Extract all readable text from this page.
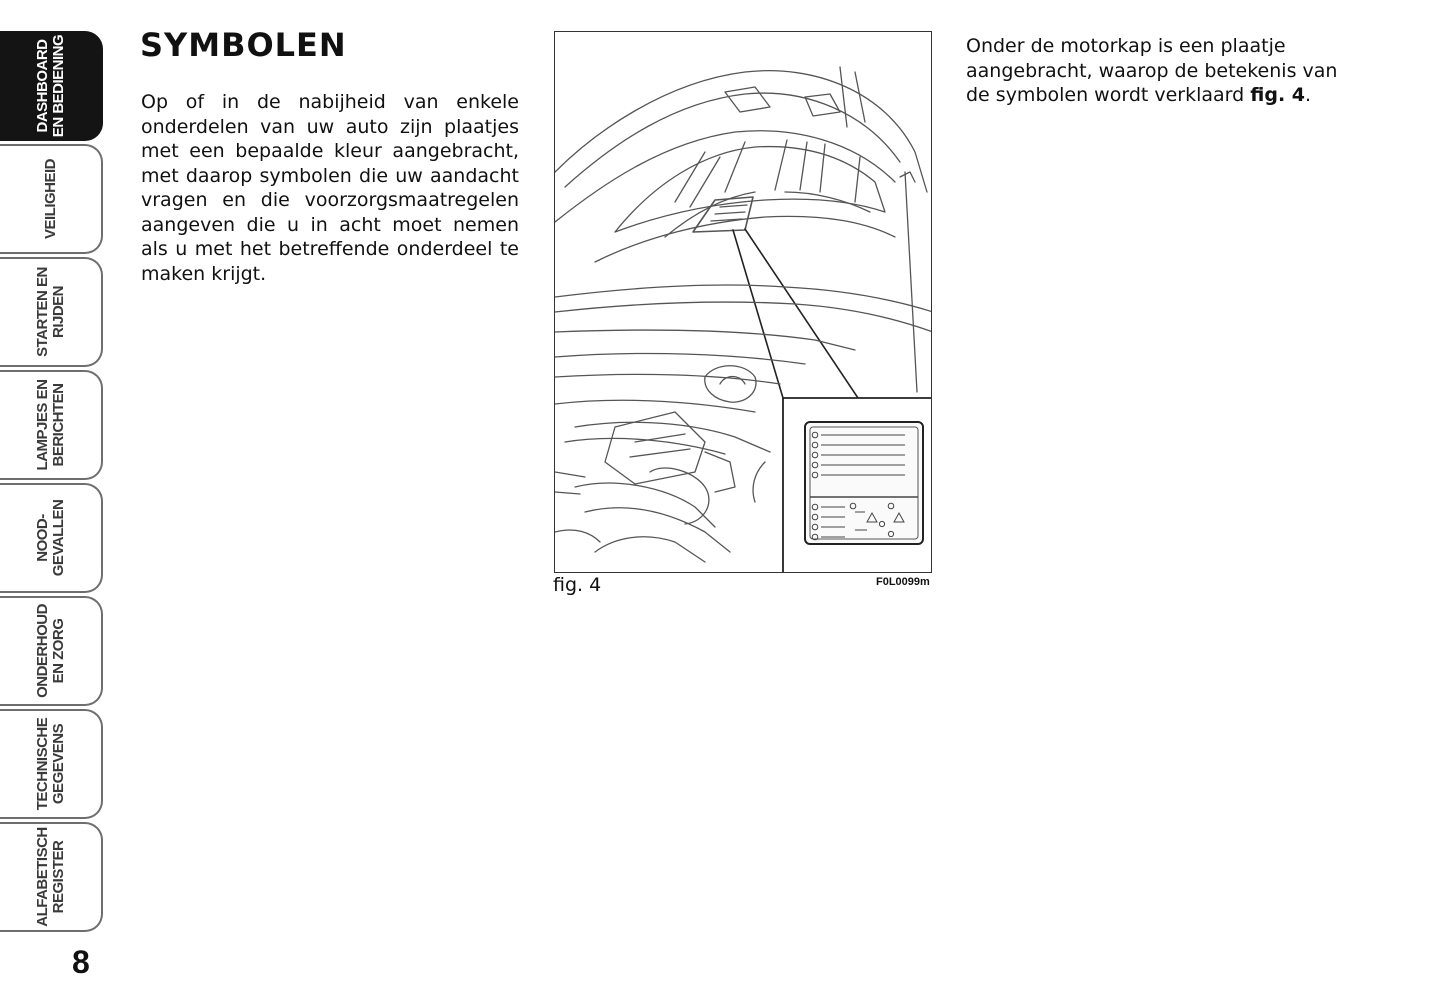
DASHBOARD EN BEDIENING
VEILIGHEID
STARTEN EN RIJDEN
LAMPJES EN BERICHTEN
NOOD- GEVALLEN
ONDERHOUD EN ZORG
TECHNISCHE GEGEVENS
ALFABETISCH REGISTER
8
SYMBOLEN

Op of in de nabijheid van enkele onderdelen van uw auto zijn plaatjes met een bepaalde kleur aangebracht, met daarop symbolen die uw aandacht vragen en die voorzorgsmaatregelen aangeven die u in acht moet nemen als u met het betreffende onderdeel te maken krijgt.

Onder de motorkap is een plaatje aangebracht, waarop de betekenis van de symbolen wordt verklaard fig. 4.

fig. 4	F0L0099m
